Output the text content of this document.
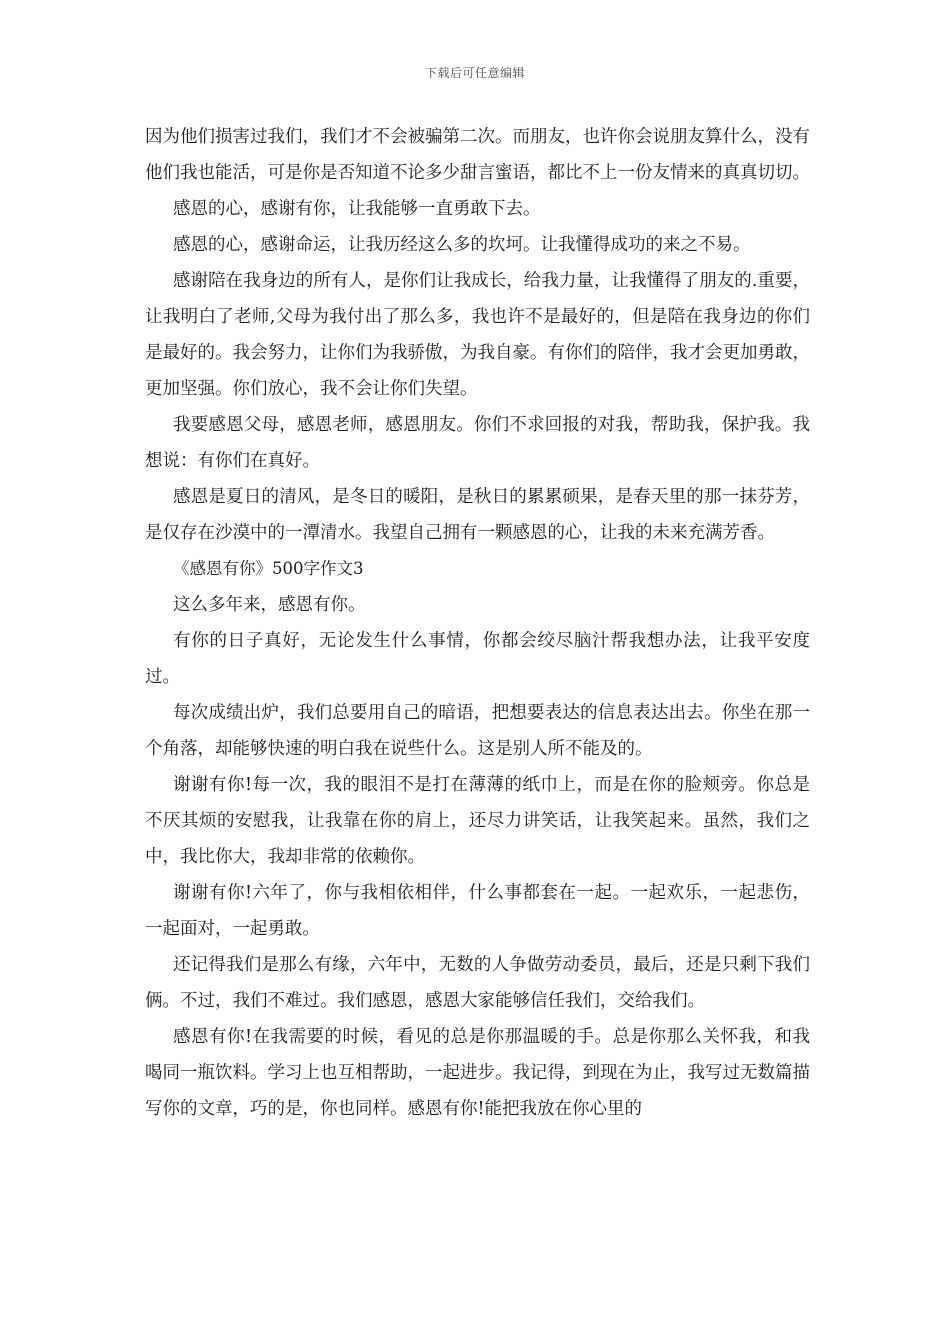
下载后可任意编辑

因为他们损害过我们，我们才不会被骗第二次。而朋友，也许你会说朋友算什么，没有他们我也能活，可是你是否知道不论多少甜言蜜语，都比不上一份友情来的真真切切。

感恩的心，感谢有你，让我能够一直勇敢下去。

感恩的心，感谢命运，让我历经这么多的坎坷。让我懂得成功的来之不易。

感谢陪在我身边的所有人，是你们让我成长，给我力量，让我懂得了朋友的.重要，让我明白了老师,父母为我付出了那么多，我也许不是最好的，但是陪在我身边的你们是最好的。我会努力，让你们为我骄傲，为我自豪。有你们的陪伴，我才会更加勇敢，更加坚强。你们放心，我不会让你们失望。

我要感恩父母，感恩老师，感恩朋友。你们不求回报的对我，帮助我，保护我。我想说：有你们在真好。

感恩是夏日的清风，是冬日的暖阳，是秋日的累累硕果，是春天里的那一抹芬芳，是仅存在沙漠中的一潭清水。我望自己拥有一颗感恩的心，让我的未来充满芳香。

《感恩有你》500字作文3

这么多年来，感恩有你。

有你的日子真好，无论发生什么事情，你都会绞尽脑汁帮我想办法，让我平安度过。

每次成绩出炉，我们总要用自己的暗语，把想要表达的信息表达出去。你坐在那一个角落，却能够快速的明白我在说些什么。这是别人所不能及的。

谢谢有你!每一次，我的眼泪不是打在薄薄的纸巾上，而是在你的脸颊旁。你总是不厌其烦的安慰我，让我靠在你的肩上，还尽力讲笑话，让我笑起来。虽然，我们之中，我比你大，我却非常的依赖你。

谢谢有你!六年了，你与我相依相伴，什么事都套在一起。一起欢乐，一起悲伤，一起面对，一起勇敢。

还记得我们是那么有缘，六年中，无数的人争做劳动委员，最后，还是只剩下我们俩。不过，我们不难过。我们感恩，感恩大家能够信任我们，交给我们。

感恩有你!在我需要的时候，看见的总是你那温暖的手。总是你那么关怀我，和我喝同一瓶饮料。学习上也互相帮助，一起进步。我记得，到现在为止，我写过无数篇描写你的文章，巧的是，你也同样。感恩有你!能把我放在你心里的
